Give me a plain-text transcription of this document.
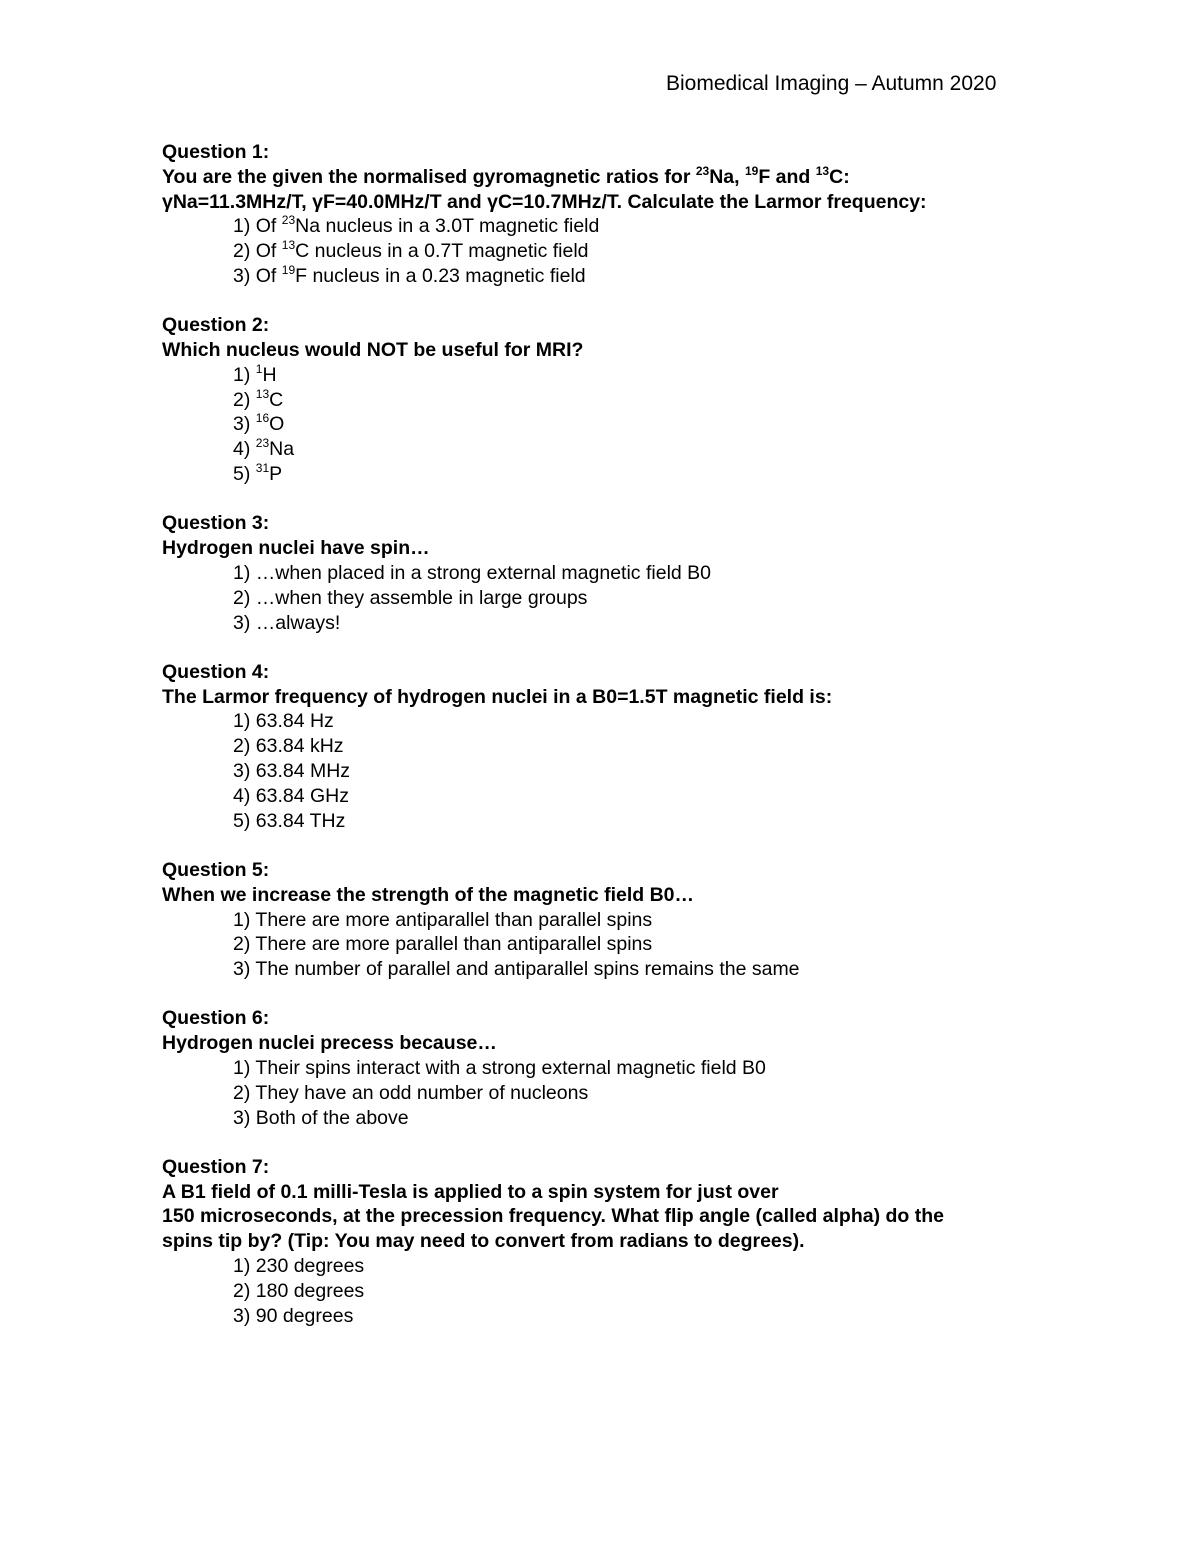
Biomedical Imaging – Autumn 2020
Question 1:
You are the given the normalised gyromagnetic ratios for $^{23}$Na, $^{19}$F and $^{13}$C:
γNa=11.3MHz/T, γF=40.0MHz/T and γC=10.7MHz/T. Calculate the Larmor frequency:
1) Of $^{23}$Na nucleus in a 3.0T magnetic field
2) Of $^{13}$C nucleus in a 0.7T magnetic field
3) Of $^{19}$F nucleus in a 0.23 magnetic field
Question 2:
Which nucleus would NOT be useful for MRI?
1) $^1$H
2) $^{13}$C
3) $^{16}$O
4) $^{23}$Na
5) $^{31}$P
Question 3:
Hydrogen nuclei have spin…
1) …when placed in a strong external magnetic field B0
2) …when they assemble in large groups
3) …always!
Question 4:
The Larmor frequency of hydrogen nuclei in a B0=1.5T magnetic field is:
1) 63.84 Hz
2) 63.84 kHz
3) 63.84 MHz
4) 63.84 GHz
5) 63.84 THz
Question 5:
When we increase the strength of the magnetic field B0…
1) There are more antiparallel than parallel spins
2) There are more parallel than antiparallel spins
3) The number of parallel and antiparallel spins remains the same
Question 6:
Hydrogen nuclei precess because…
1) Their spins interact with a strong external magnetic field B0
2) They have an odd number of nucleons
3) Both of the above
Question 7:
A B1 field of 0.1 milli-Tesla is applied to a spin system for just over
150 microseconds, at the precession frequency. What flip angle (called alpha) do the
spins tip by? (Tip: You may need to convert from radians to degrees).
1) 230 degrees
2) 180 degrees
3) 90 degrees
